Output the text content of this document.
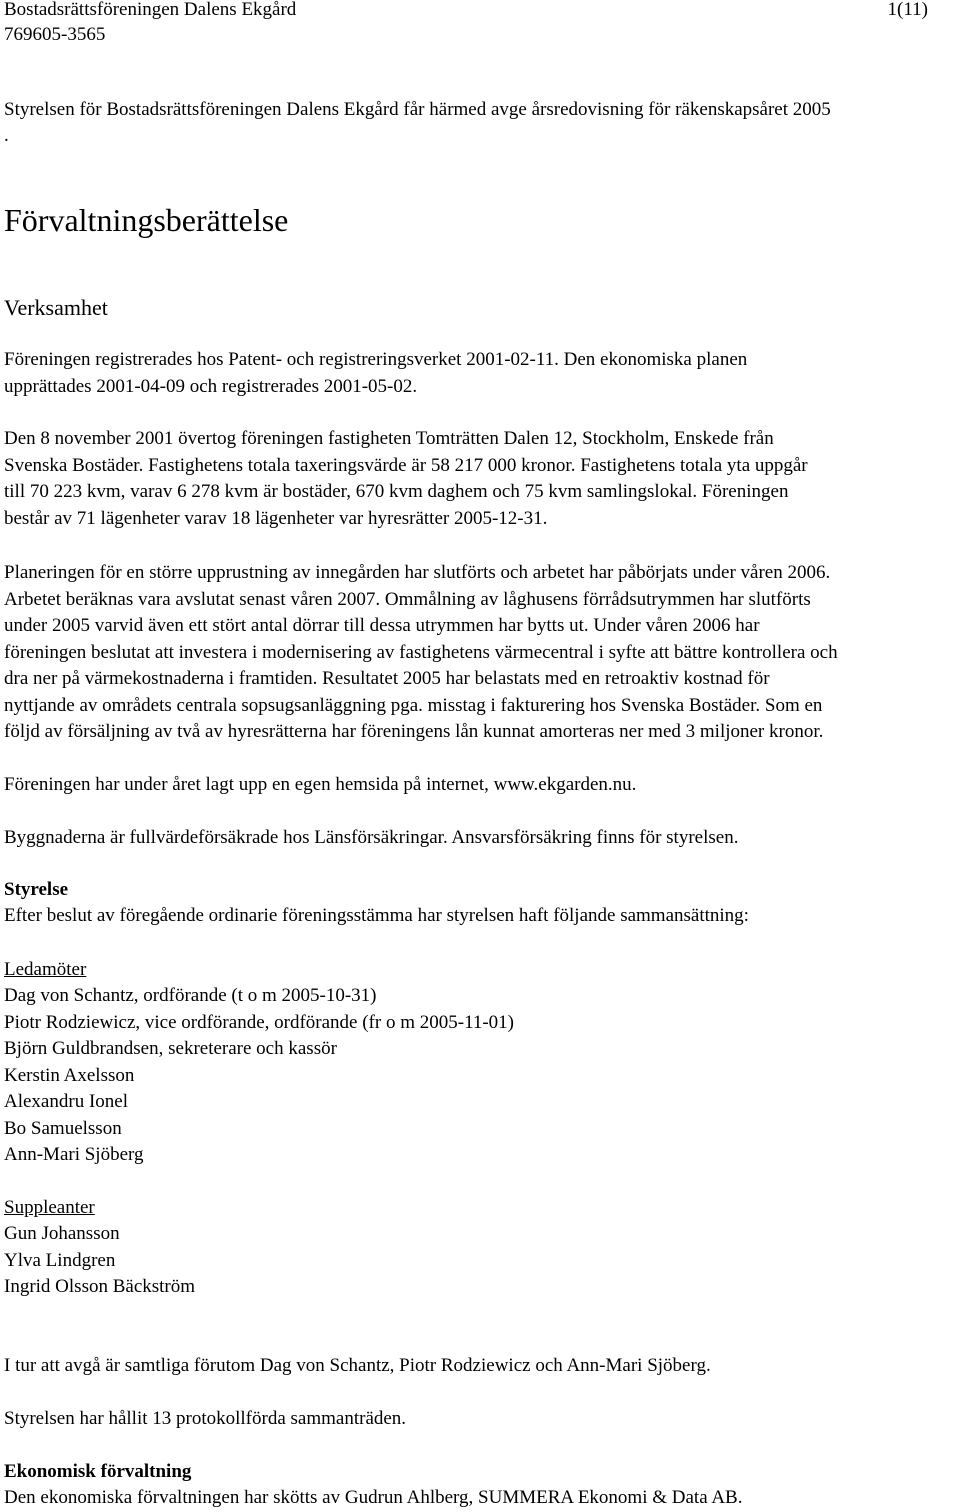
Bostadsrättsföreningen Dalens Ekgård	1(11)

769605-3565

Styrelsen för Bostadsrättsföreningen Dalens Ekgård får härmed avge årsredovisning för räkenskapsåret 2005

.

Förvaltningsberättelse
Verksamhet
Föreningen registrerades hos Patent- och registreringsverket 2001-02-11. Den ekonomiska planen
upprättades 2001-04-09 och registrerades 2001-05-02.
Den 8 november 2001 övertog föreningen fastigheten Tomträtten Dalen 12, Stockholm, Enskede från
Svenska Bostäder. Fastighetens totala taxeringsvärde är 58 217 000 kronor. Fastighetens totala yta uppgår
till 70 223 kvm, varav 6 278 kvm är bostäder, 670 kvm daghem och 75 kvm samlingslokal. Föreningen
består av 71 lägenheter varav 18 lägenheter var hyresrätter 2005-12-31.
Planeringen för en större upprustning av innegården har slutförts och arbetet har påbörjats under våren 2006.
Arbetet beräknas vara avslutat senast våren 2007. Ommålning av låghusens förrådsutrymmen har slutförts
under 2005 varvid även ett stört antal dörrar till dessa utrymmen har bytts ut. Under våren 2006 har
föreningen beslutat att investera i modernisering av fastighetens värmecentral i syfte att bättre kontrollera och
dra ner på värmekostnaderna i framtiden. Resultatet 2005 har belastats med en retroaktiv kostnad för
nyttjande av områdets centrala sopsugsanläggning pga. misstag i fakturering hos Svenska Bostäder. Som en
följd av försäljning av två av hyresrätterna har föreningens lån kunnat amorteras ner med 3 miljoner kronor.

Föreningen har under året lagt upp en egen hemsida på internet, www.ekgarden.nu.

Byggnaderna är fullvärdeförsäkrade hos Länsförsäkringar. Ansvarsförsäkring finns för styrelsen.

Styrelse

Efter beslut av föregående ordinarie föreningsstämma har styrelsen haft följande sammansättning:

Ledamöter

Dag von Schantz, ordförande (t o m 2005-10-31)
Piotr Rodziewicz, vice ordförande, ordförande (fr o m 2005-11-01)
Björn Guldbrandsen, sekreterare och kassör
Kerstin Axelsson
Alexandru Ionel
Bo Samuelsson
Ann-Mari Sjöberg

Suppleanter

Gun Johansson
Ylva Lindgren
Ingrid Olsson Bäckström

I tur att avgå är samtliga förutom Dag von Schantz, Piotr Rodziewicz och Ann-Mari Sjöberg.

Styrelsen har hållit 13 protokollförda sammanträden.

Ekonomisk förvaltning

Den ekonomiska förvaltningen har skötts av Gudrun Ahlberg, SUMMERA Ekonomi & Data AB.
